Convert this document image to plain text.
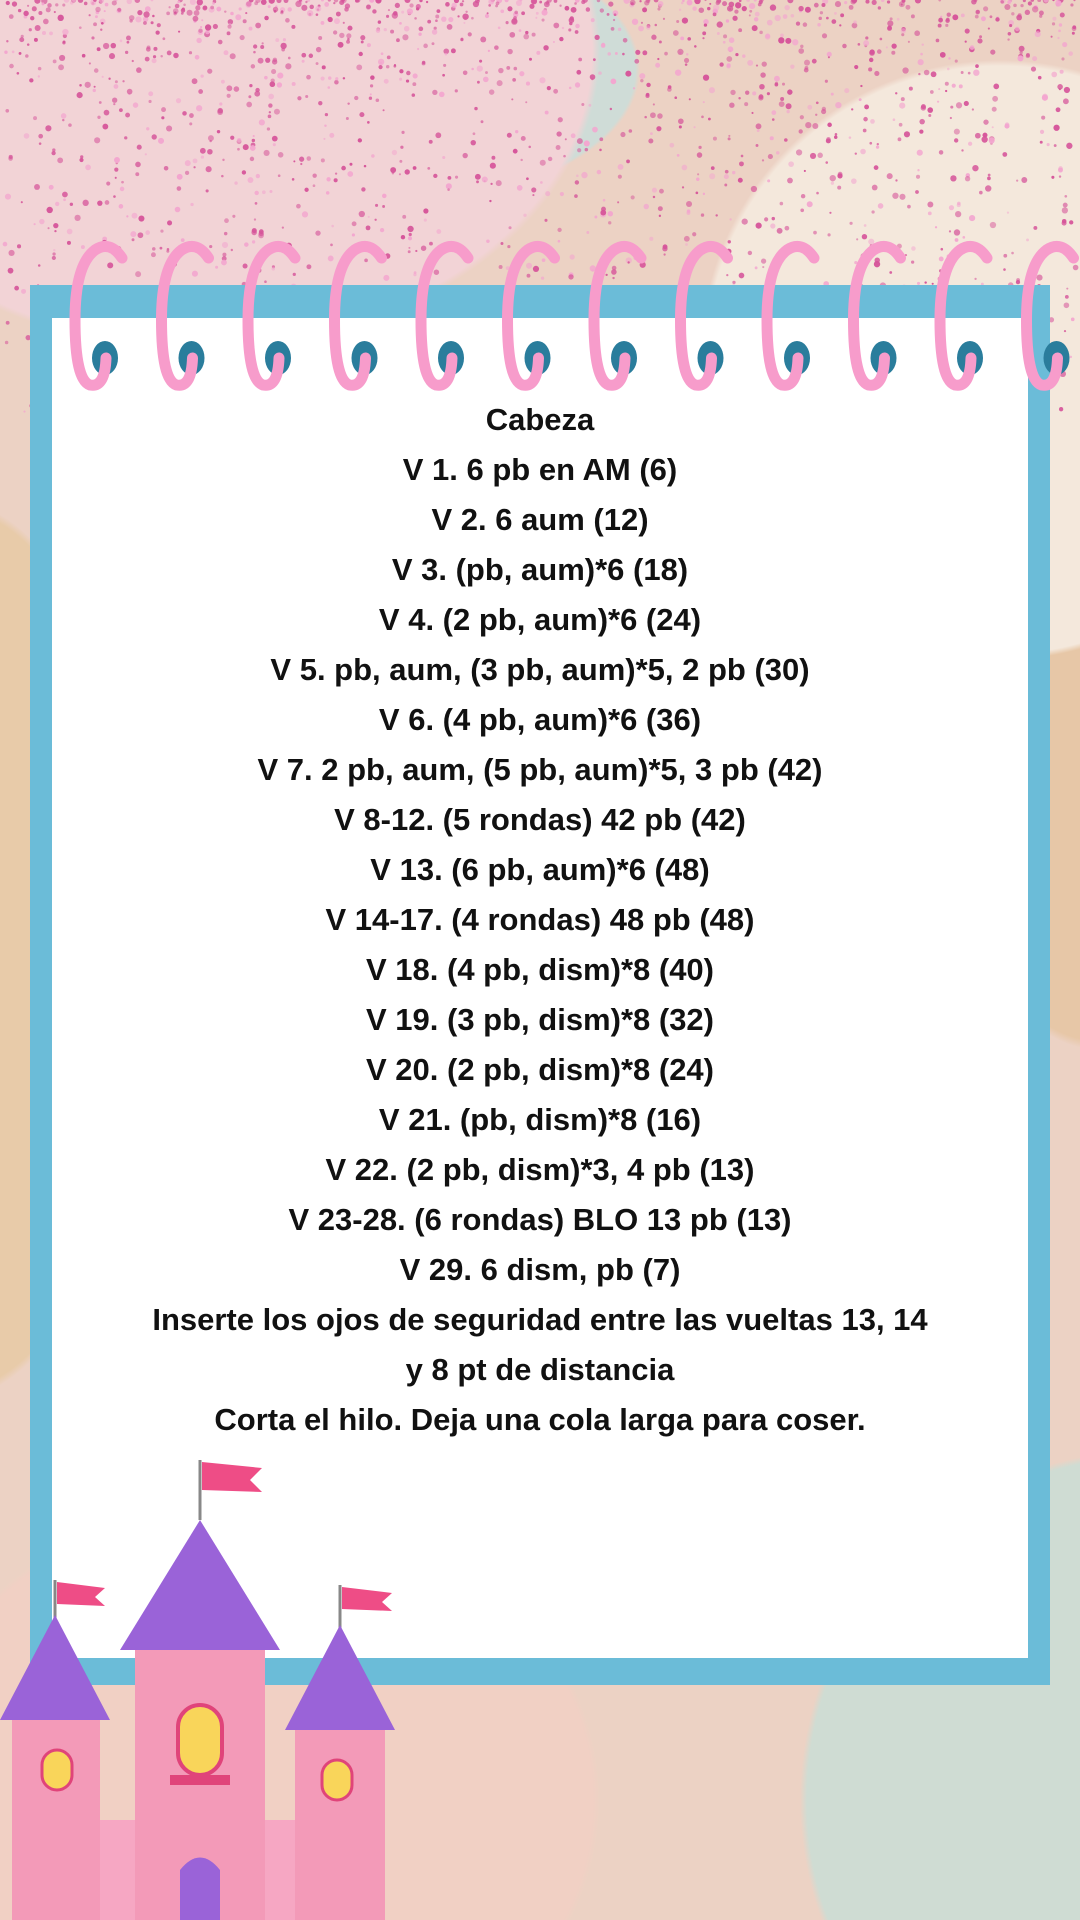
Cabeza
V 1. 6 pb en AM (6)
V 2. 6 aum (12)
V 3. (pb, aum)*6 (18)
V 4. (2 pb, aum)*6 (24)
V 5. pb, aum, (3 pb, aum)*5, 2 pb (30)
V 6. (4 pb, aum)*6 (36)
V 7. 2 pb, aum, (5 pb, aum)*5, 3 pb (42)
V 8-12. (5 rondas) 42 pb (42)
V 13. (6 pb, aum)*6 (48)
V 14-17. (4 rondas) 48 pb (48)
V 18. (4 pb, dism)*8 (40)
V 19. (3 pb, dism)*8 (32)
V 20. (2 pb, dism)*8 (24)
V 21. (pb, dism)*8 (16)
V 22. (2 pb, dism)*3, 4 pb (13)
V 23-28. (6 rondas) BLO 13 pb (13)
V 29. 6 dism, pb (7)
Inserte los ojos de seguridad entre las vueltas 13, 14
y 8 pt de distancia
Corta el hilo. Deja una cola larga para coser.
